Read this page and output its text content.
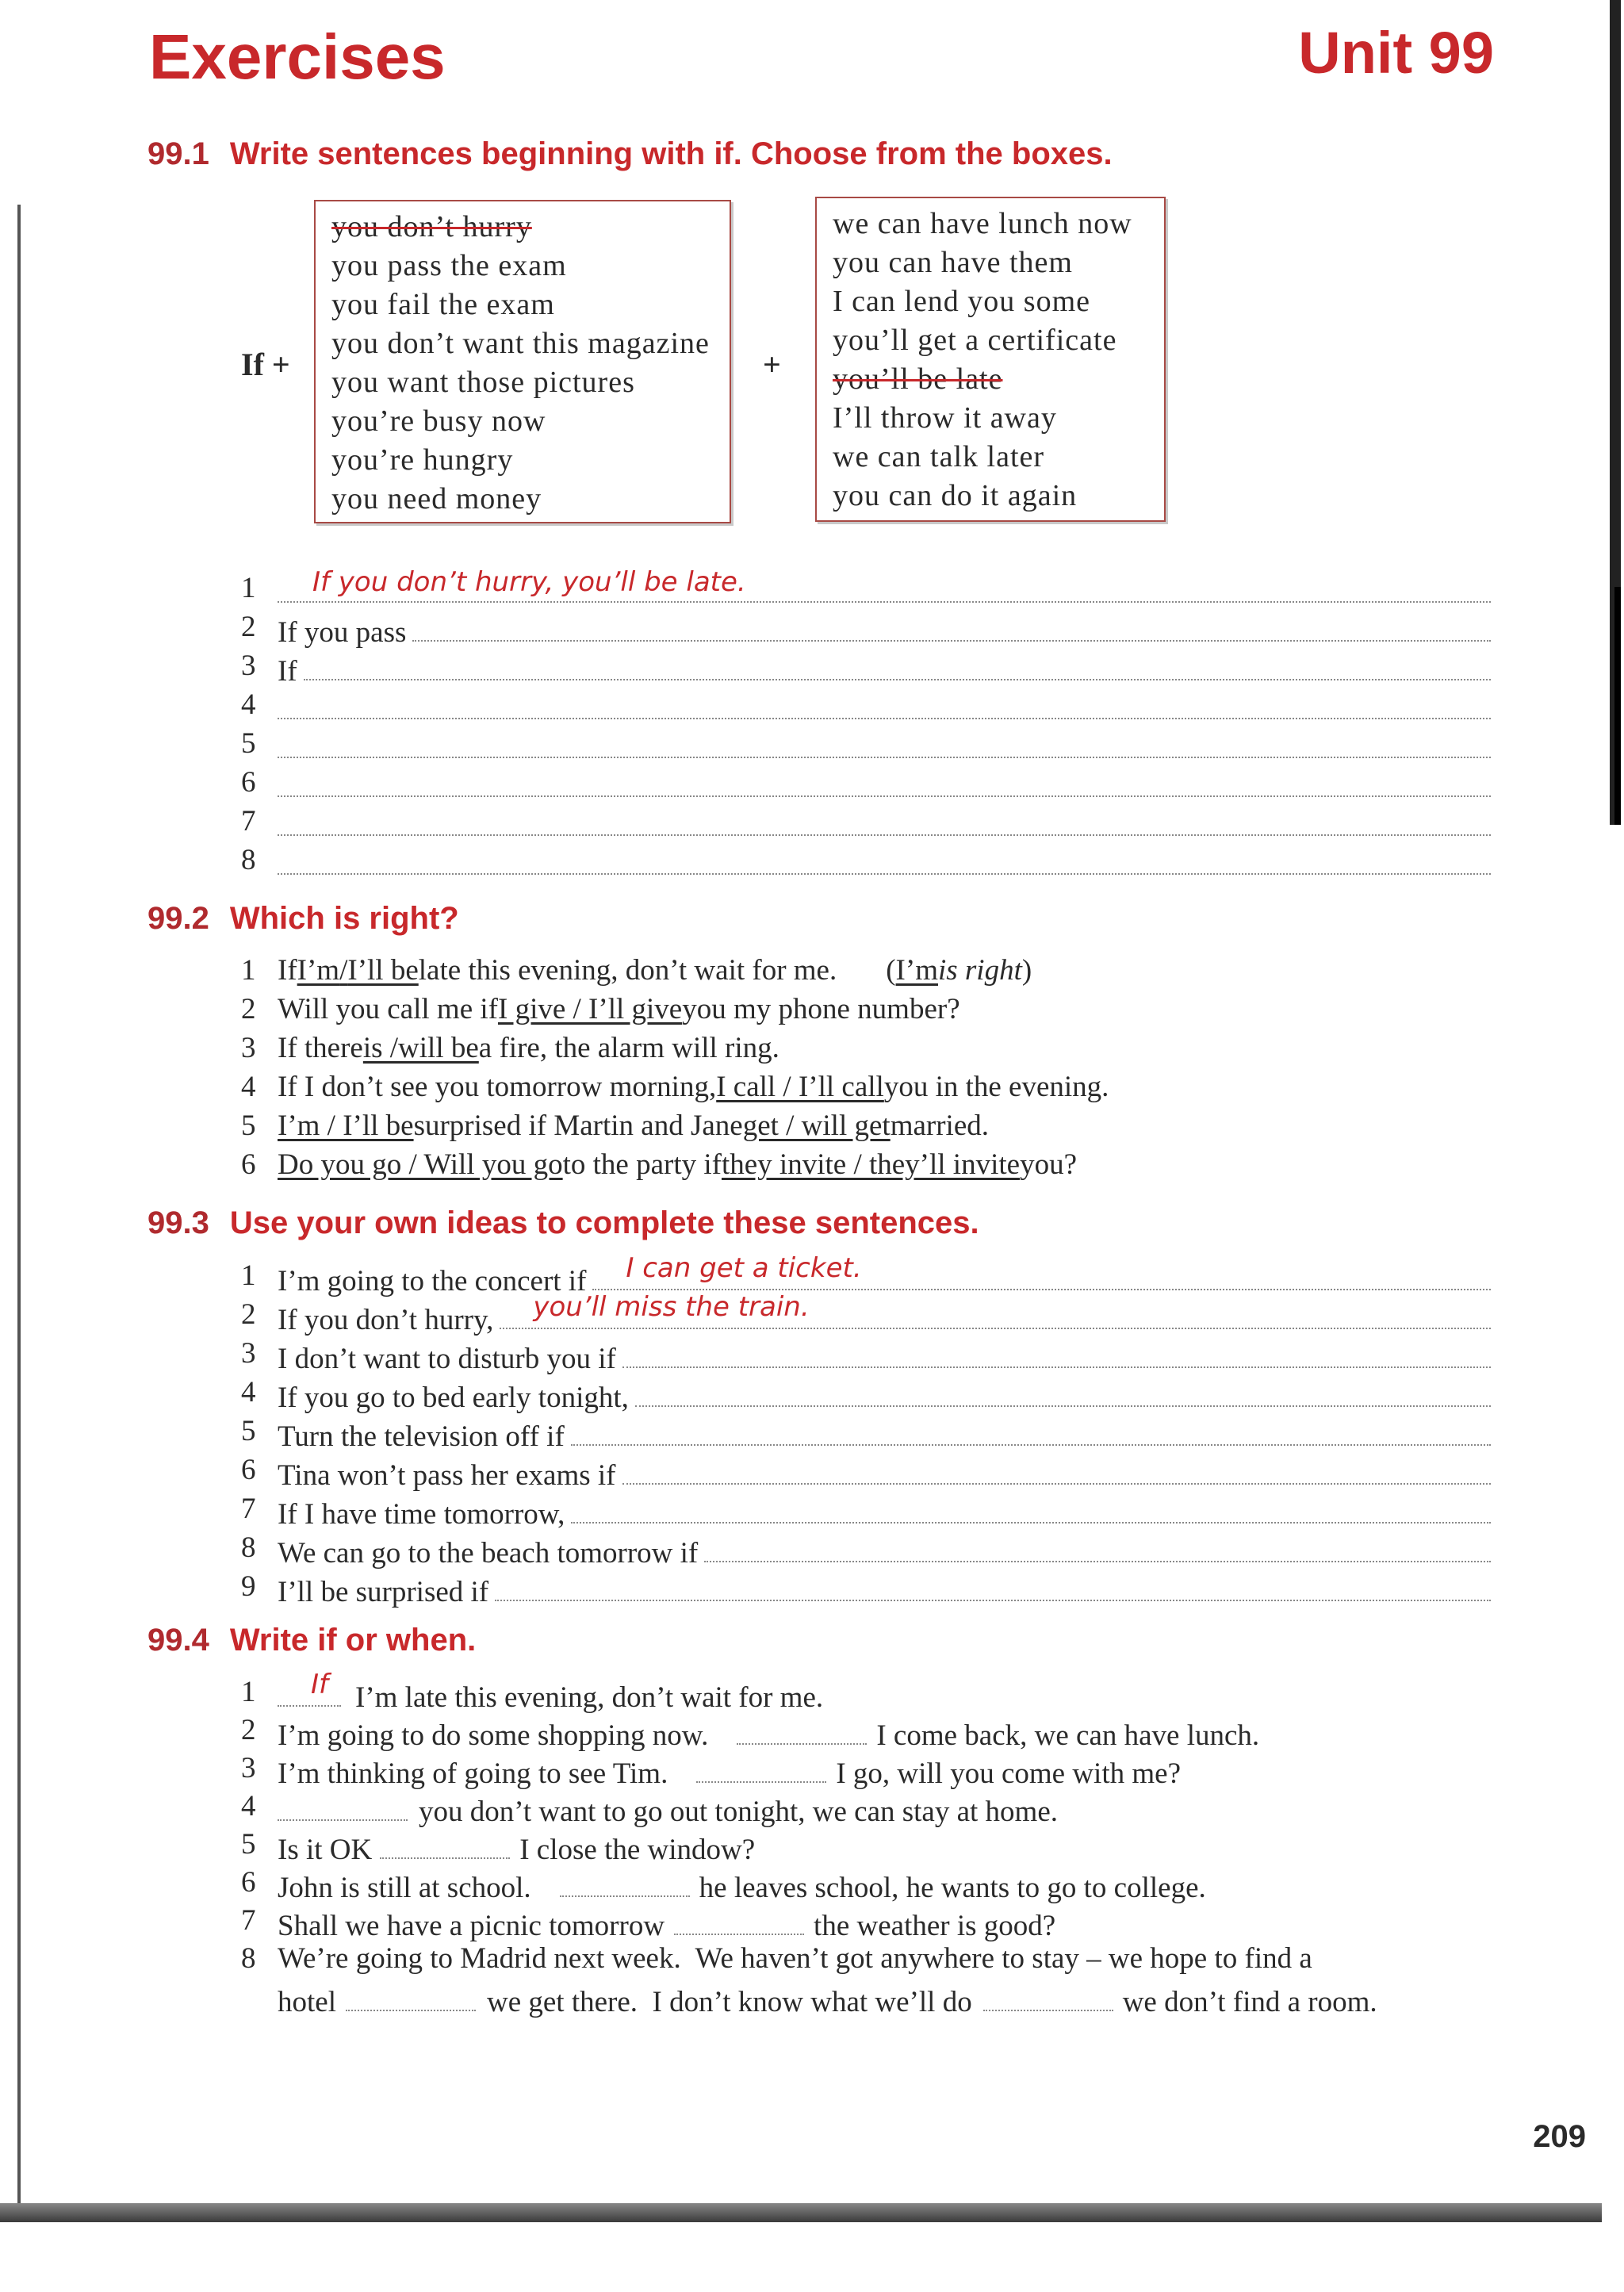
Exercises	Unit 99
99.1 Write sentences beginning with if. Choose from the boxes.
If +
you don’t hurry
you pass the exam
you fail the exam
you don’t want this magazine
you want those pictures
you’re busy now
you’re hungry
you need money
+
we can have lunch now
you can have them
I can lend you some
you’ll get a certificate
you’ll be late
I’ll throw it away
we can talk later
you can do it again
1	If you don’t hurry, you’ll be late.
2 If you pass
3 If
4
5
6
7
8
99.2 Which is right?
1 If I’m / I’ll be late this evening, don’t wait for me. ( I’m is right )
2 Will you call me if I give / I’ll give you my phone number?
3 If there is /will be a fire, the alarm will ring.
4 If I don’t see you tomorrow morning, I call / I’ll call you in the evening.
5 I’m / I’ll be surprised if Martin and Jane get / will get married.
6 Do you go / Will you go to the party if they invite / they’ll invite you?
99.3 Use your own ideas to complete these sentences.
1 I’m going to the concert if I can get a ticket.
2 If you don’t hurry, you’ll miss the train.
3 I don’t want to disturb you if
4 If you go to bed early tonight,
5 Turn the television off if
6 Tina won’t pass her exams if
7 If I have time tomorrow,
8 We can go to the beach tomorrow if
9 I’ll be surprised if
99.4 Write if or when.
1	If I’m late this evening, don’t wait for me.
2 I’m going to do some shopping now.	I come back, we can have lunch.
3 I’m thinking of going to see Tim.	I go, will you come with me?
4	you don’t want to go out tonight, we can stay at home.
5 Is it OK	I close the window?
6 John is still at school.	he leaves school, he wants to go to college.
7 Shall we have a picnic tomorrow	the weather is good?
8 We’re going to Madrid next week.  We haven’t got anywhere to stay – we hope to find a
hotel	we get there.  I don’t know what we’ll do	we don’t find a room.
209
